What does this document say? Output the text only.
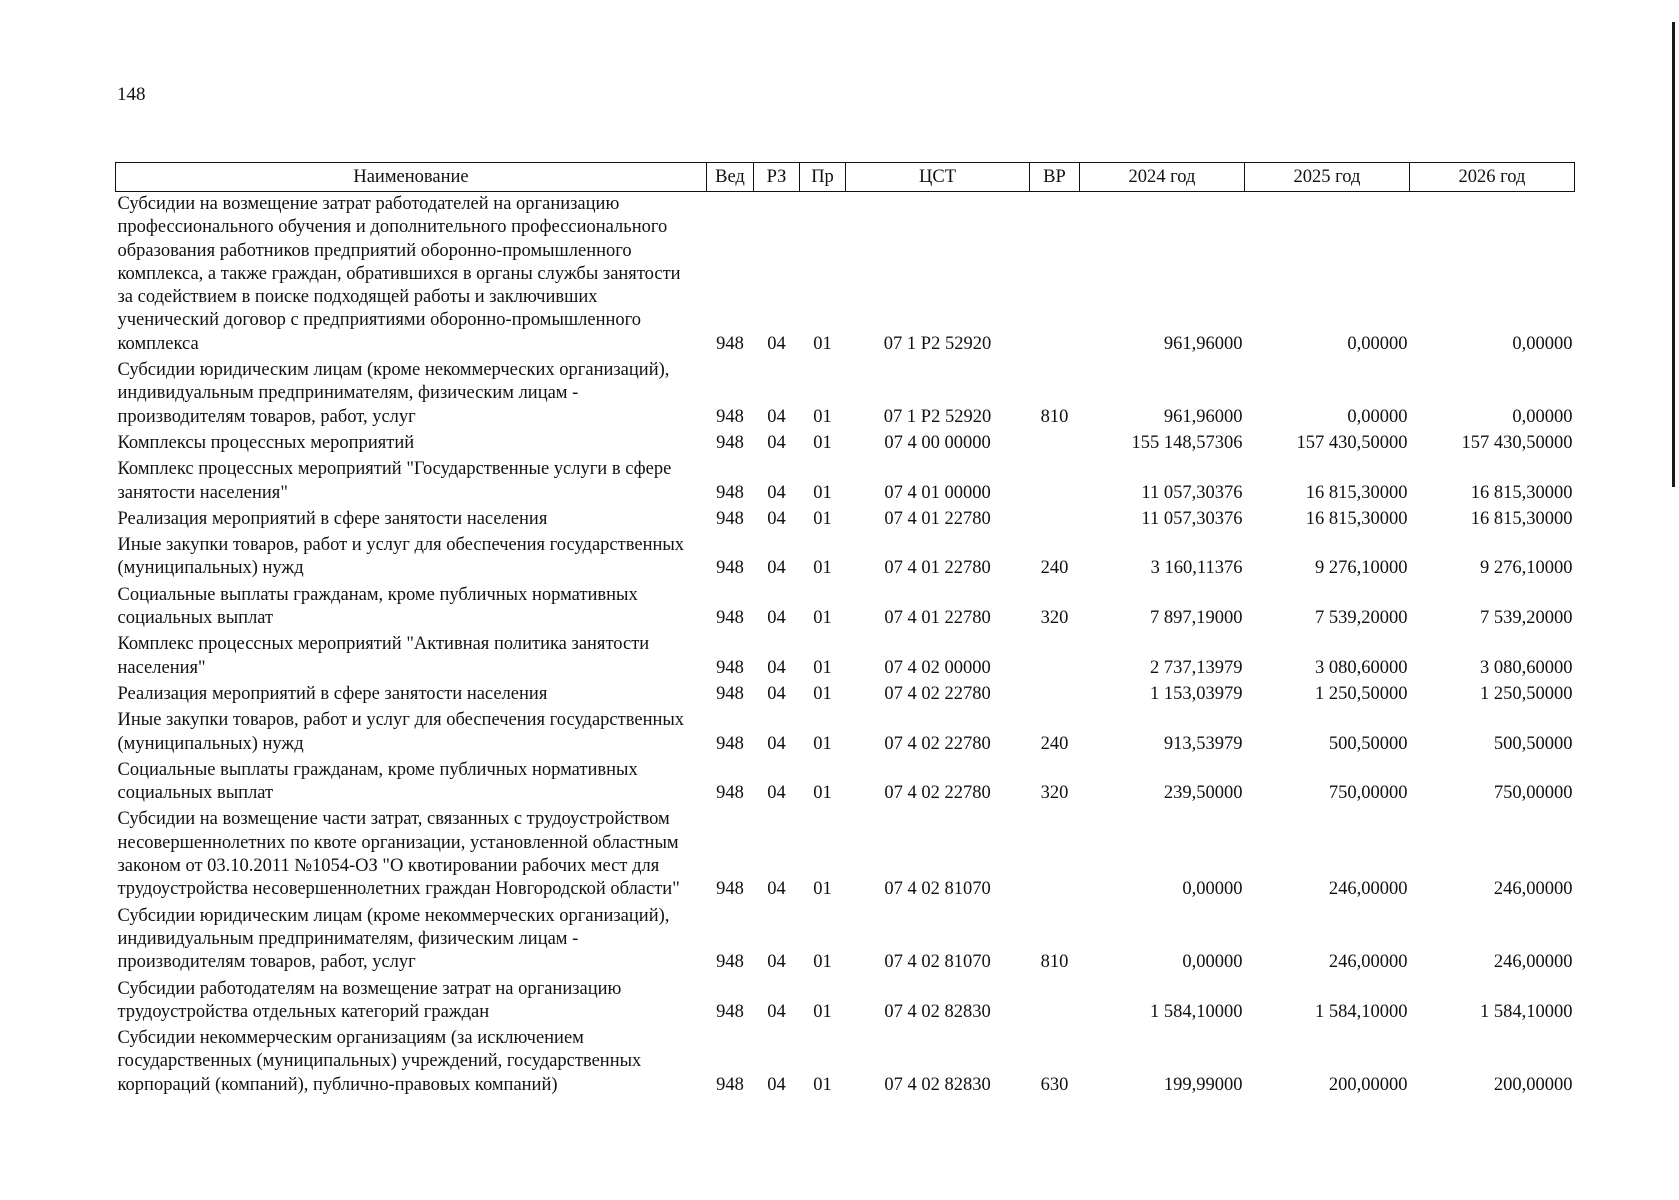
148
Наименование	Вед	РЗ	Пр	ЦСТ	ВР	2024 год	2025 год	2026 год
Субсидии на возмещение затрат работодателей на организацию профессионального обучения и дополнительного профессионального образования работников предприятий оборонно-промышленного комплекса, а также граждан, обратившихся в органы службы занятости за содействием в поиске подходящей работы и заключивших ученический договор с предприятиями оборонно-промышленного комплекса	948	04	01	07 1 Р2 52920		961,96000	0,00000	0,00000
Субсидии юридическим лицам (кроме некоммерческих организаций), индивидуальным предпринимателям, физическим лицам - производителям товаров, работ, услуг	948	04	01	07 1 Р2 52920	810	961,96000	0,00000	0,00000
Комплексы процессных мероприятий	948	04	01	07 4 00 00000		155 148,57306	157 430,50000	157 430,50000
Комплекс процессных мероприятий "Государственные услуги в сфере занятости населения"	948	04	01	07 4 01 00000		11 057,30376	16 815,30000	16 815,30000
Реализация мероприятий в сфере занятости населения	948	04	01	07 4 01 22780		11 057,30376	16 815,30000	16 815,30000
Иные закупки товаров, работ и услуг для обеспечения государственных (муниципальных) нужд	948	04	01	07 4 01 22780	240	3 160,11376	9 276,10000	9 276,10000
Социальные выплаты гражданам, кроме публичных нормативных социальных выплат	948	04	01	07 4 01 22780	320	7 897,19000	7 539,20000	7 539,20000
Комплекс процессных мероприятий "Активная политика занятости населения"	948	04	01	07 4 02 00000		2 737,13979	3 080,60000	3 080,60000
Реализация мероприятий в сфере занятости населения	948	04	01	07 4 02 22780		1 153,03979	1 250,50000	1 250,50000
Иные закупки товаров, работ и услуг для обеспечения государственных (муниципальных) нужд	948	04	01	07 4 02 22780	240	913,53979	500,50000	500,50000
Социальные выплаты гражданам, кроме публичных нормативных социальных выплат	948	04	01	07 4 02 22780	320	239,50000	750,00000	750,00000
Субсидии на возмещение части затрат, связанных с трудоустройством несовершеннолетних по квоте организации, установленной областным законом от 03.10.2011 №1054-ОЗ "О квотировании рабочих мест для трудоустройства несовершеннолетних граждан Новгородской области"	948	04	01	07 4 02 81070		0,00000	246,00000	246,00000
Субсидии юридическим лицам (кроме некоммерческих организаций), индивидуальным предпринимателям, физическим лицам - производителям товаров, работ, услуг	948	04	01	07 4 02 81070	810	0,00000	246,00000	246,00000
Субсидии работодателям на возмещение затрат на организацию трудоустройства отдельных категорий граждан	948	04	01	07 4 02 82830		1 584,10000	1 584,10000	1 584,10000
Субсидии некоммерческим организациям (за исключением государственных (муниципальных) учреждений, государственных корпораций (компаний), публично-правовых компаний)	948	04	01	07 4 02 82830	630	199,99000	200,00000	200,00000
